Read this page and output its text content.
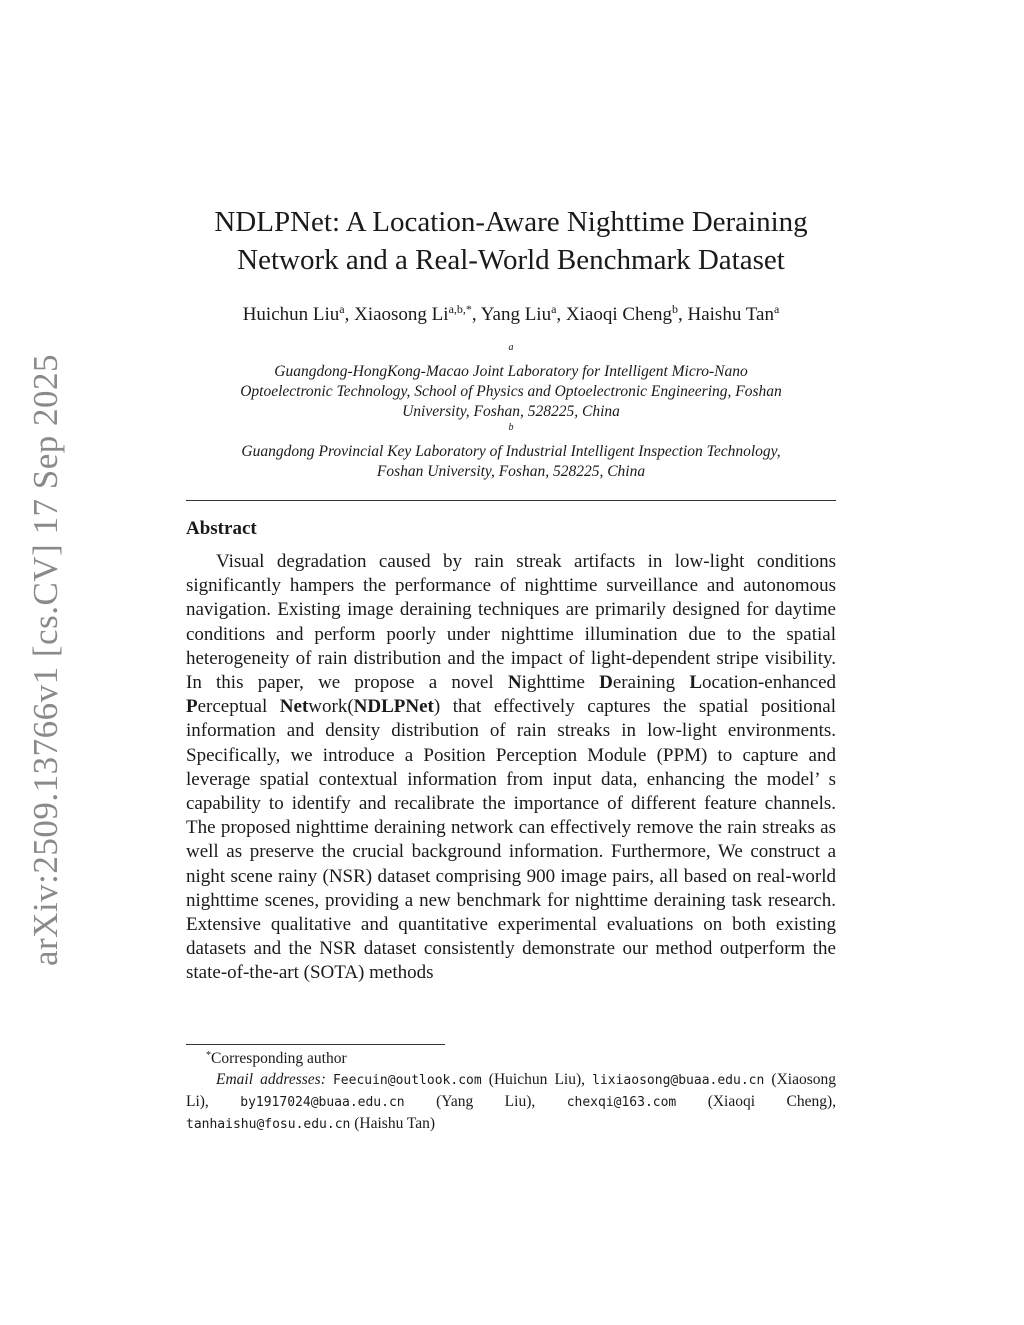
arXiv:2509.13766v1 [cs.CV] 17 Sep 2025
NDLPNet: A Location-Aware Nighttime Deraining
Network and a Real-World Benchmark Dataset
Huichun Liu$^a$, Xiaosong $Li^{a,b,*}$, Yang Liu$^a$, Xiaoqi Cheng$^b$, Haishu Tan$^a$
$^a$
Guangdong-HongKong-Macao Joint Laboratory for Intelligent Micro-Nano
Optoelectronic Technology, School of Physics and Optoelectronic Engineering, Foshan
University, Foshan, 528225, China
$^b$
Guangdong Provincial Key Laboratory of Industrial Intelligent Inspection Technology,
Foshan University, Foshan, 528225, China
Abstract
Visual degradation caused by rain streak artifacts in low-light conditions significantly hampers the performance of nighttime surveillance and autonomous navigation. Existing image deraining techniques are primarily designed for daytime conditions and perform poorly under nighttime illumination due to the spatial heterogeneity of rain distribution and the impact of light-dependent stripe visibility. In this paper, we propose a novel Nighttime Deraining Location-enhanced Perceptual Network(NDLPNet) that effectively captures the spatial positional information and density distribution of rain streaks in low-light environments. Specifically, we introduce a Position Perception Module (PPM) to capture and leverage spatial contextual information from input data, enhancing the model’ s capability to identify and recalibrate the importance of different feature channels. The proposed nighttime deraining network can effectively remove the rain streaks as well as preserve the crucial background information. Furthermore, We construct a night scene rainy (NSR) dataset comprising 900 image pairs, all based on real-world nighttime scenes, providing a new benchmark for nighttime deraining task research. Extensive qualitative and quantitative experimental evaluations on both existing datasets and the NSR dataset consistently demonstrate our method outperform the state-of-the-art (SOTA) methods
*Corresponding author
Email addresses: Feecuin@outlook.com (Huichun Liu), lixiaosong@buaa.edu.cn (Xiaosong Li), by1917024@buaa.edu.cn (Yang Liu), chexqi@163.com (Xiaoqi Cheng), tanhaishu@fosu.edu.cn (Haishu Tan)
